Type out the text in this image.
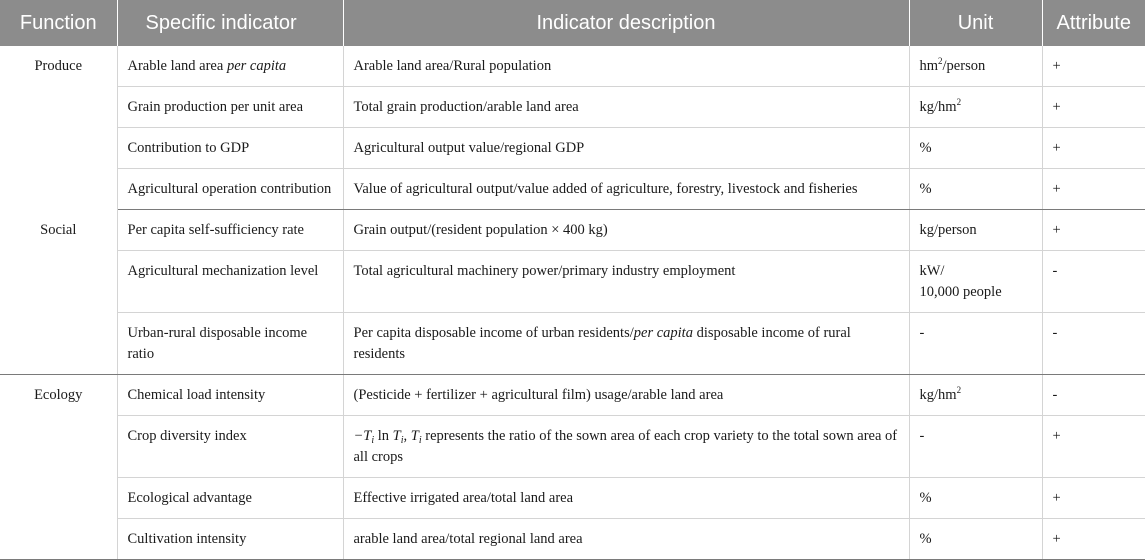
Function	Specific indicator	Indicator description	Unit	Attribute
Produce	Arable land area per capita	Arable land area/Rural population	$hm^2$/person	+
	Grain production per unit area	Total grain production/arable land area	$kg/hm^2$	+
	Contribution to GDP	Agricultural output value/regional GDP	%	+
	Agricultural operation contribution	Value of agricultural output/value added of agriculture, forestry, livestock and fisheries	%	+
Social	Per capita self-sufficiency rate	Grain output/(resident population × 400 kg)	kg/person	+
	Agricultural mechanization level	Total agricultural machinery power/primary industry employment	kW/
10,000 people	-
	Urban-rural disposable income ratio	Per capita disposable income of urban residents/per capita disposable income of rural residents	-	-
Ecology	Chemical load intensity	(Pesticide + fertilizer + agricultural film) usage/arable land area	$kg/hm^2$	-
	Crop diversity index	$-T_i$ $\ln T_i$, $T_i$ represents the ratio of the sown area of each crop variety to the total sown area of all crops	-	+
	Ecological advantage	Effective irrigated area/total land area	%	+
	Cultivation intensity	arable land area/total regional land area	%	+
